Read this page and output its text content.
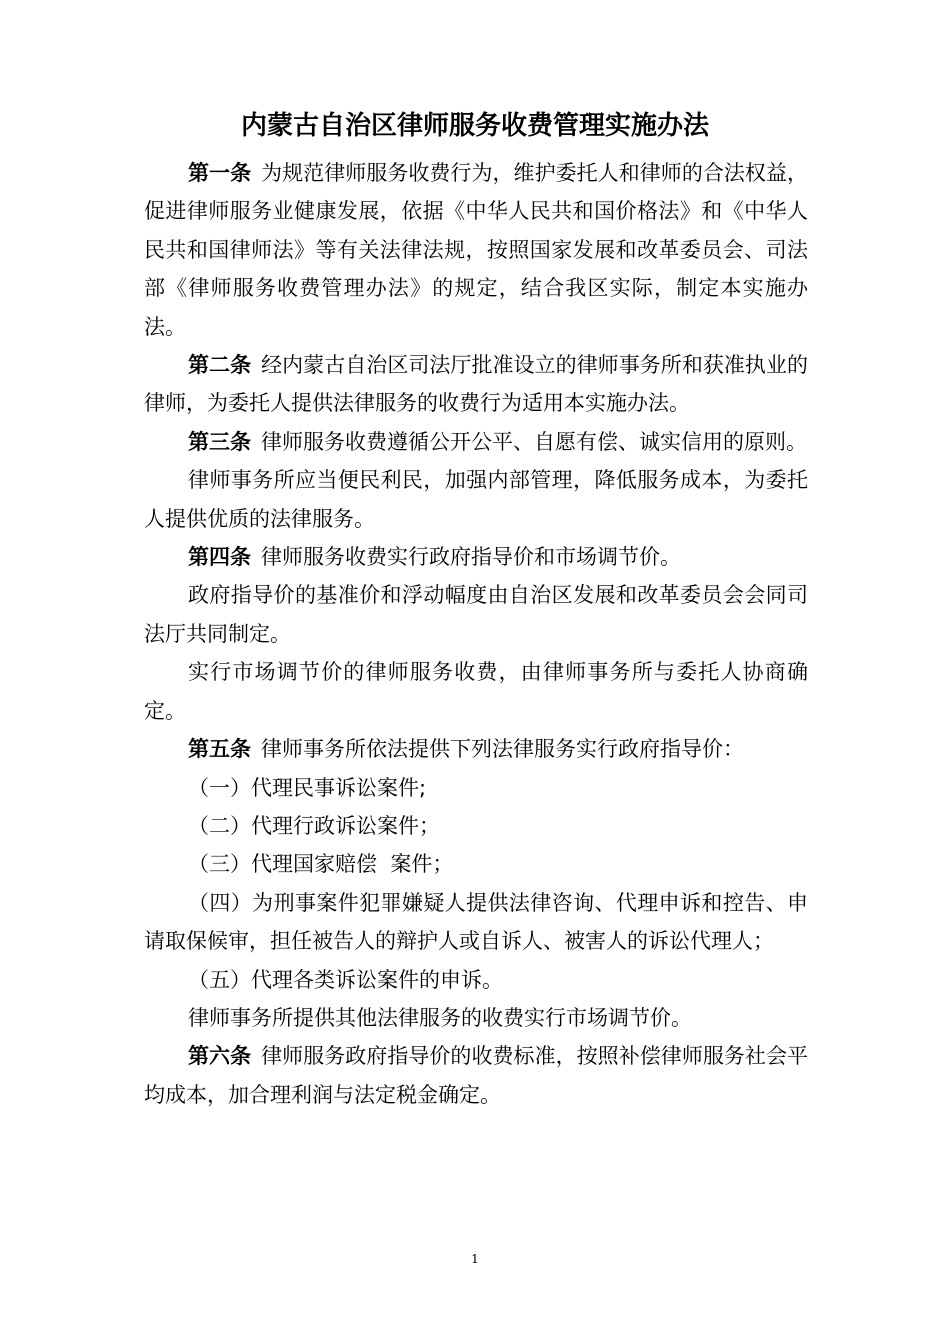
内蒙古自治区律师服务收费管理实施办法

第一条 为规范律师服务收费行为，维护委托人和律师的合法权益，促进律师服务业健康发展，依据《中华人民共和国价格法》和《中华人民共和国律师法》等有关法律法规，按照国家发展和改革委员会、司法部《律师服务收费管理办法》的规定，结合我区实际，制定本实施办法。

第二条 经内蒙古自治区司法厅批准设立的律师事务所和获准执业的律师，为委托人提供法律服务的收费行为适用本实施办法。

第三条 律师服务收费遵循公开公平、自愿有偿、诚实信用的原则。

律师事务所应当便民利民，加强内部管理，降低服务成本，为委托人提供优质的法律服务。

第四条 律师服务收费实行政府指导价和市场调节价。

政府指导价的基准价和浮动幅度由自治区发展和改革委员会会同司法厅共同制定。

实行市场调节价的律师服务收费，由律师事务所与委托人协商确定。

第五条 律师事务所依法提供下列法律服务实行政府指导价：

（一）代理民事诉讼案件;

（二）代理行政诉讼案件；

（三）代理国家赔偿  案件；

（四）为刑事案件犯罪嫌疑人提供法律咨询、代理申诉和控告、申请取保候审，担任被告人的辩护人或自诉人、被害人的诉讼代理人；

（五）代理各类诉讼案件的申诉。

律师事务所提供其他法律服务的收费实行市场调节价。

第六条 律师服务政府指导价的收费标准，按照补偿律师服务社会平均成本，加合理利润与法定税金确定。

1
